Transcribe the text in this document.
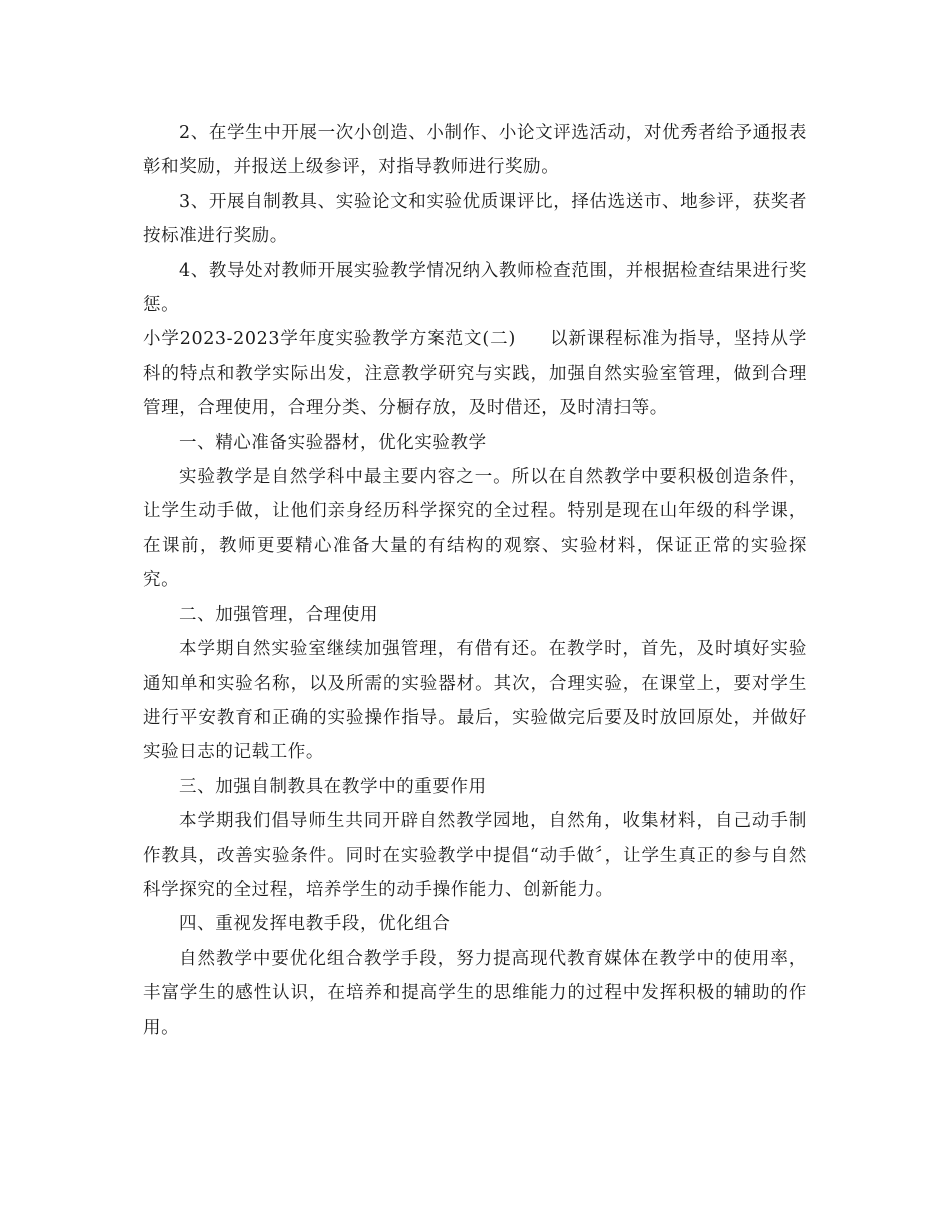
2、在学生中开展一次小创造、小制作、小论文评选活动，对优秀者给予通报表彰和奖励，并报送上级参评，对指导教师进行奖励。

3、开展自制教具、实验论文和实验优质课评比，择估选送市、地参评，获奖者按标准进行奖励。

4、教导处对教师开展实验教学情况纳入教师检查范围，并根据检查结果进行奖惩。

小学2023-2023学年度实验教学方案范文(二) 以新课程标准为指导，坚持从学科的特点和教学实际出发，注意教学研究与实践，加强自然实验室管理，做到合理管理，合理使用，合理分类、分橱存放，及时借还，及时清扫等。

一、精心准备实验器材，优化实验教学

实验教学是自然学科中最主要内容之一。所以在自然教学中要积极创造条件，让学生动手做，让他们亲身经历科学探究的全过程。特别是现在山年级的科学课，在课前，教师更要精心准备大量的有结构的观察、实验材料，保证正常的实验探究。

二、加强管理，合理使用

本学期自然实验室继续加强管理，有借有还。在教学时，首先，及时填好实验通知单和实验名称，以及所需的实验器材。其次，合理实验，在课堂上，要对学生进行平安教育和正确的实验操作指导。最后，实验做完后要及时放回原处，并做好实验日志的记载工作。

三、加强自制教具在教学中的重要作用

本学期我们倡导师生共同开辟自然教学园地，自然角，收集材料，自己动手制作教具，改善实验条件。同时在实验教学中提倡“动手做〞，让学生真正的参与自然科学探究的全过程，培养学生的动手操作能力、创新能力。

四、重视发挥电教手段，优化组合

自然教学中要优化组合教学手段，努力提高现代教育媒体在教学中的使用率，丰富学生的感性认识，在培养和提高学生的思维能力的过程中发挥积极的辅助的作用。
